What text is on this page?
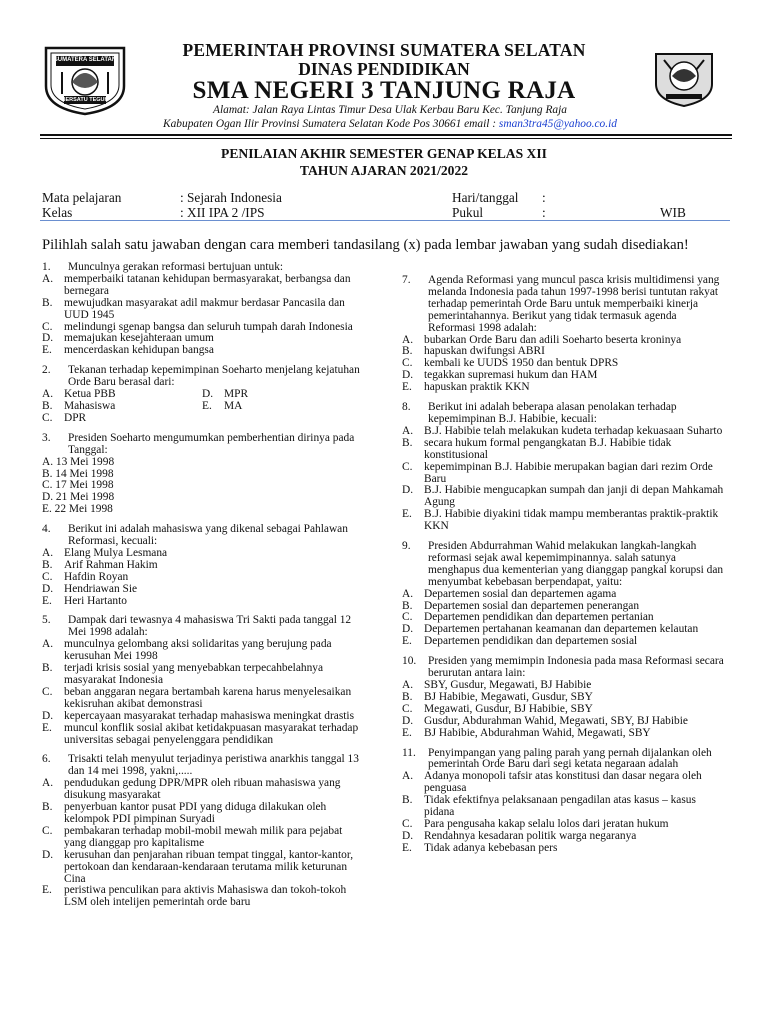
SUMATERA SELATAN
BERSATU TEGUH
PEMERINTAH PROVINSI SUMATERA SELATAN
DINAS PENDIDIKAN
SMA NEGERI 3 TANJUNG RAJA
Alamat: Jalan Raya Lintas Timur Desa Ulak Kerbau Baru Kec. Tanjung Raja
Kabupaten Ogan Ilir Provinsi Sumatera Selatan Kode Pos 30661 email : sman3tra45@yahoo.co.id
PENILAIAN AKHIR SEMESTER GENAP KELAS XII
TAHUN AJARAN 2021/2022
Mata pelajaran	: Sejarah Indonesia
Kelas	: XII IPA 2 /IPS
Hari/tanggal :
Pukul	:	WIB
Pilihlah salah satu jawaban dengan cara memberi tandasilang (x) pada lembar jawaban yang sudah disediakan!
1.	Munculnya gerakan reformasi bertujuan untuk:
A. memperbaiki tatanan kehidupan bermasyarakat, berbangsa dan bernegara
B.	mewujudkan masyarakat adil makmur berdasar Pancasila dan UUD 1945
C.	melindungi sgenap bangsa dan seluruh tumpah darah Indonesia
D. memajukan kesejahteraan umum
E.	mencerdaskan kehidupan bangsa
2.	Tekanan terhadap kepemimpinan Soeharto menjelang kejatuhan Orde Baru berasal dari:
A. Ketua PBB	D. MPR
B.	Mahasiswa	E.	MA
C.	DPR
3.	Presiden Soeharto mengumumkan pemberhentian dirinya pada Tanggal:
A. 13 Mei 1998
B. 14 Mei 1998
C. 17 Mei 1998
D. 21 Mei 1998
E. 22 Mei 1998
4.	Berikut ini adalah mahasiswa yang dikenal sebagai Pahlawan Reformasi, kecuali:
A. Elang Mulya Lesmana
B.	Arif Rahman Hakim
C.	Hafdin Royan
D. Hendriawan Sie
E.	Heri Hartanto
5.	Dampak dari tewasnya 4 mahasiswa Tri Sakti pada tanggal 12 Mei 1998 adalah:
A. munculnya gelombang aksi solidaritas yang berujung pada kerusuhan Mei 1998
B.	terjadi krisis sosial yang menyebabkan terpecahbelahnya masyarakat Indonesia
C.	beban anggaran negara bertambah karena harus menyelesaikan kekisruhan akibat demonstrasi
D. kepercayaan masyarakat terhadap mahasiswa meningkat drastis
E.	muncul konflik sosial akibat ketidakpuasan masyarakat terhadap universitas sebagai penyelenggara pendidikan
6.	Trisakti telah menyulut terjadinya peristiwa anarkhis tanggal 13 dan 14 mei 1998, yakni,.....
A. pendudukan gedung DPR/MPR oleh ribuan mahasiswa yang disukung masyarakat
B.	penyerbuan kantor pusat PDI yang diduga dilakukan oleh kelompok PDI pimpinan Suryadi
C.	pembakaran terhadap mobil-mobil mewah milik para pejabat yang dianggap pro kapitalisme
D. kerusuhan dan penjarahan ribuan tempat tinggal, kantor-kantor, pertokoan dan kendaraan-kendaraan terutama milik keturunan Cina
E.	peristiwa penculikan para aktivis Mahasiswa dan tokoh-tokoh LSM oleh intelijen pemerintah orde baru
7.	Agenda Reformasi yang muncul pasca krisis multidimensi yang melanda Indonesia pada tahun 1997-1998 berisi tuntutan rakyat terhadap pemerintah Orde Baru untuk memperbaiki kinerja pemerintahannya. Berikut yang tidak termasuk agenda Reformasi 1998 adalah:
A. bubarkan Orde Baru dan adili Soeharto beserta kroninya
B.	hapuskan dwifungsi ABRI
C.	kembali ke UUDS 1950 dan bentuk DPRS
D. tegakkan supremasi hukum dan HAM
E.	hapuskan praktik KKN
8.	Berikut ini adalah beberapa alasan penolakan terhadap kepemimpinan B.J. Habibie, kecuali:
A. B.J. Habibie telah melakukan kudeta terhadap kekuasaan Suharto
B.	secara hukum formal pengangkatan B.J. Habibie tidak konstitusional
C.	kepemimpinan B.J. Habibie merupakan bagian dari rezim Orde Baru
D. B.J. Habibie mengucapkan sumpah dan janji di depan Mahkamah Agung
E.	B.J. Habibie diyakini tidak mampu memberantas praktik-praktik KKN
9.	Presiden Abdurrahman Wahid melakukan langkah-langkah reformasi sejak awal kepemimpinannya. salah satunya menghapus dua kementerian yang dianggap pangkal korupsi dan menyumbat kebebasan berpendapat, yaitu:
A. Departemen sosial dan departemen agama
B.	Departemen sosial dan departemen penerangan
C.	Departemen pendidikan dan departemen pertanian
D. Departemen pertahanan keamanan dan departemen kelautan
E.	Departemen pendidikan dan departemen sosial
10.	Presiden yang memimpin Indonesia pada masa Reformasi secara berurutan antara lain:
A. SBY, Gusdur, Megawati, BJ Habibie
B.	BJ Habibie, Megawati, Gusdur, SBY
C.	Megawati, Gusdur, BJ Habibie, SBY
D. Gusdur, Abdurahman Wahid, Megawati, SBY, BJ Habibie
E.	BJ Habibie, Abdurahman Wahid, Megawati, SBY
11.	Penyimpangan yang paling parah yang pernah dijalankan oleh pemerintah Orde Baru dari segi ketata negaraan adalah
A. Adanya monopoli tafsir atas konstitusi dan dasar negara oleh penguasa
B.	Tidak efektifnya pelaksanaan pengadilan atas kasus – kasus pidana
C.	Para pengusaha kakap selalu lolos dari jeratan hukum
D. Rendahnya kesadaran politik warga negaranya
E.	Tidak adanya kebebasan pers
